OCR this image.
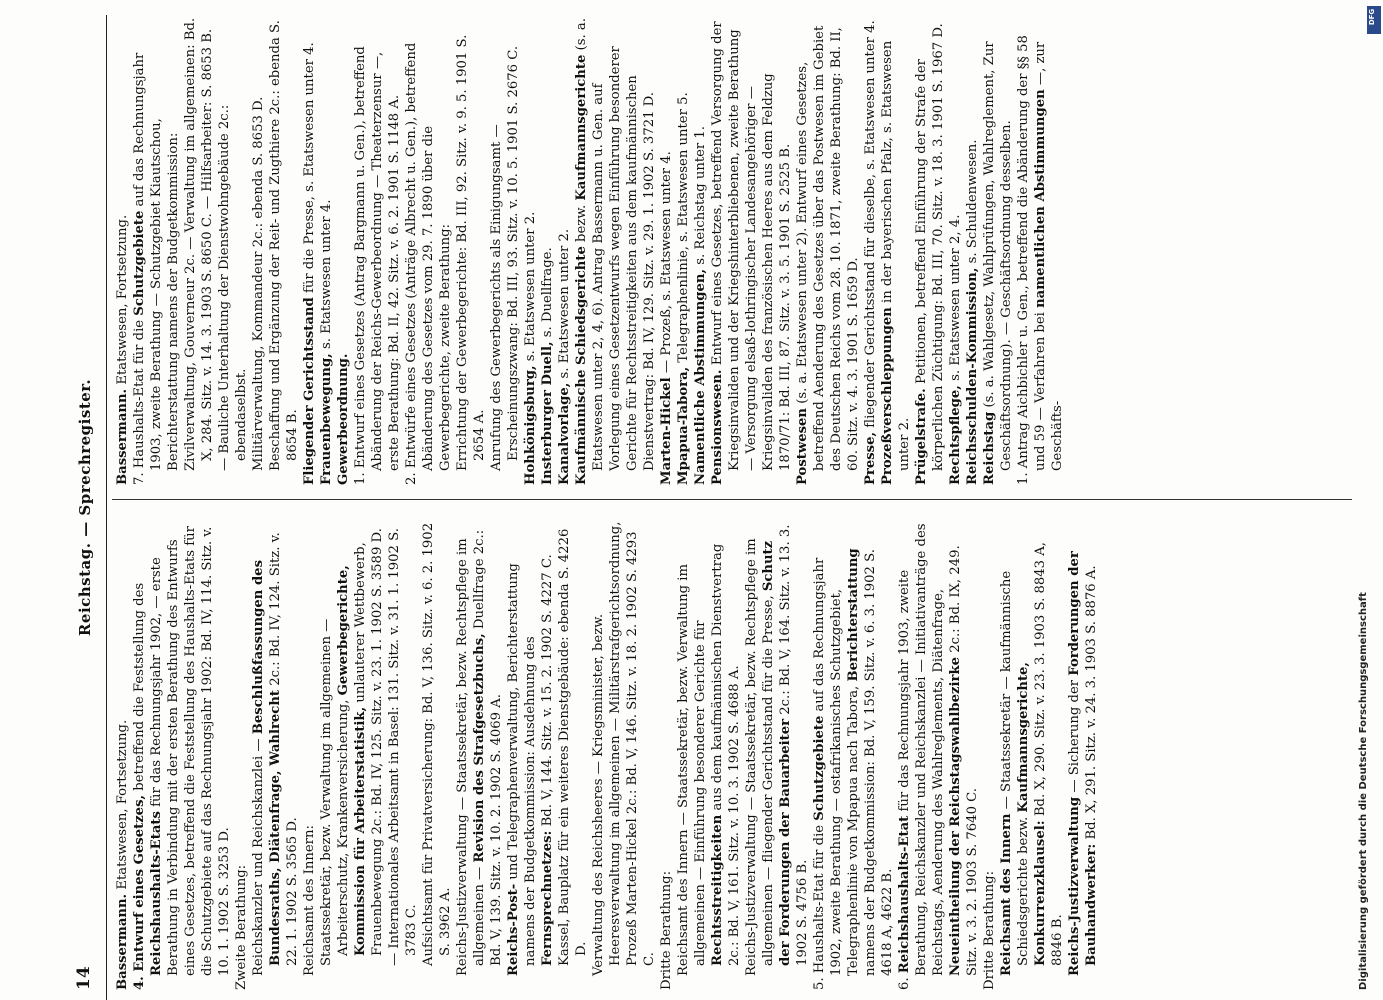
14
Reichstag. — Sprechregister.

Bassermann. Etatswesen, Fortsetzung. 4. Entwurf eines Gesetzes, betreffend die Feststellung des Reichshaushalts-Etats für das Rechnungsjahr 1902, — erste Berathung in Verbindung mit der ersten Berathung des Entwurfs eines Gesetzes, betreffend die Feststellung des Haushalts-Etats für die Schutzgebiete auf das Rechnungsjahr 1902: Bd. IV, 114. Sitz. v. 10. 1. 1902 S. 3253 D. Zweite Berathung: Reichskanzler und Reichskanzlei — Beschlußfassungen des Bundesraths, Diätenfrage, Wahlrecht 2c.: Bd. IV, 124. Sitz. v. 22. 1. 1902 S. 3565 D. Reichsamt des Innern: Staatssekretär, bezw. Verwaltung im allgemeinen — Arbeiterschutz, Krankenversicherung, Gewerbegerichte, Kommission für Arbeiterstatistik, unlauterer Wettbewerb, Frauenbewegung 2c.: Bd. IV, 125. Sitz. v. 23. 1. 1902 S. 3589 D. — Internationales Arbeitsamt in Basel: 131. Sitz. v. 31. 1. 1902 S. 3783 C. Aufsichtsamt für Privatversicherung: Bd. V, 136. Sitz. v. 6. 2. 1902 S. 3962 A. Reichs-Justizverwaltung — Staatssekretär, bezw. Rechtspflege im allgemeinen — Revision des Strafgesetzbuchs, Duellfrage 2c.: Bd. V, 139. Sitz. v. 10. 2. 1902 S. 4069 A. Reichs-Post- und Telegraphenverwaltung, Berichterstattung namens der Budgetkommission: Ausdehnung des Fernsprechnetzes: Bd. V, 144. Sitz. v. 15. 2. 1902 S. 4227 C. Kassel, Bauplatz für ein weiteres Dienstgebäude: ebenda S. 4226 D. Verwaltung des Reichsheeres — Kriegsminister, bezw. Heeresverwaltung im allgemeinen — Militärstrafgerichtsordnung, Prozeß Marten-Hickel 2c.: Bd. V, 146. Sitz. v. 18. 2. 1902 S. 4293 C. Dritte Berathung: Reichsamt des Innern — Staatssekretär, bezw. Verwaltung im allgemeinen — Einführung besonderer Gerichte für Rechtsstreitigkeiten aus dem kaufmännischen Dienstvertrag 2c.: Bd. V, 161. Sitz. v. 10. 3. 1902 S. 4688 A. Reichs-Justizverwaltung — Staatssekretär, bezw. Rechtspflege im allgemeinen — fliegender Gerichtsstand für die Presse, Schutz der Forderungen der Bauarbeiter 2c.: Bd. V, 164. Sitz. v. 13. 3. 1902 S. 4756 B. 5. Haushalts-Etat für die Schutzgebiete auf das Rechnungsjahr 1902, zweite Berathung — ostafrikanisches Schutzgebiet, Telegraphenlinie von Mpapua nach Tabora, Berichterstattung namens der Budgetkommission: Bd. V, 159. Sitz. v. 6. 3. 1902 S. 4618 A, 4622 B.

6. Reichshaushalts-Etat für das Rechnungsjahr 1903, zweite Berathung, Reichskanzler und Reichskanzlei — Initiativanträge des Reichstags, Aenderung des Wahlreglements, Diätenfrage, Neueintheilung der Reichstagswahlbezirke 2c.: Bd. IX, 249. Sitz. v. 3. 2. 1903 S. 7640 C. Dritte Berathung: Reichsamt des Innern — Staatssekretär — kaufmännische Schiedsgerichte bezw. Kaufmannsgerichte, Konkurrenzklausel: Bd. X, 290. Sitz. v. 23. 3. 1903 S. 8843 A, 8846 B. Reichs-Justizverwaltung — Sicherung der Forderungen der Bauhandwerker: Bd. X, 291. Sitz. v. 24. 3. 1903 S. 8876 A.

Bassermann. Etatswesen, Fortsetzung.

7. Haushalts-Etat für die Schutzgebiete auf das Rechnungsjahr 1903, zweite Berathung — Schutzgebiet Kiautschou, Berichterstattung namens der Budgetkommission: Zivilverwaltung, Gouverneur 2c. — Verwaltung im allgemeinen: Bd. X, 284. Sitz. v. 14. 3. 1903 S. 8650 C. — Hilfsarbeiter: S. 8653 B. — Bauliche Unterhaltung der Dienstwohngebäude 2c.: ebendaselbst. Militärverwaltung, Kommandeur 2c.: ebenda S. 8653 D. Beschaffung und Ergänzung der Reit- und Zugthiere 2c.: ebenda S. 8654 B. Fliegender Gerichtsstand für die Presse, s. Etatswesen unter 4.

Frauenbewegung, s. Etatswesen unter 4.

Gewerbeordnung. 1. Entwurf eines Gesetzes (Antrag Bargmann u. Gen.), betreffend Abänderung der Reichs-Gewerbeordnung — Theaterzensur —, erste Berathung: Bd. II, 42. Sitz. v. 6. 2. 1901 S. 1148 A. 2. Entwürfe eines Gesetzes (Anträge Albrecht u. Gen.), betreffend Abänderung des Gesetzes vom 29. 7. 1890 über die Gewerbegerichte, zweite Berathung: Errichtung der Gewerbegerichte: Bd. III, 92. Sitz. v. 9. 5. 1901 S. 2654 A. Anrufung des Gewerbegerichts als Einigungsamt — Erscheinungszwang: Bd. III, 93. Sitz. v. 10. 5. 1901 S. 2676 C. Hohkönigsburg, s. Etatswesen unter 2.

Insterburger Duell, s. Duellfrage.

Kanalvorlage, s. Etatswesen unter 2. Kaufmännische Schiedsgerichte bezw. Kaufmannsgerichte (s. a. Etatswesen unter 2, 4, 6). Antrag Bassermann u. Gen. auf Vorlegung eines Gesetzentwurfs wegen Einführung besonderer Gerichte für Rechtsstreitigkeiten aus dem kaufmännischen Dienstvertrag: Bd. IV, 129. Sitz. v. 29. 1. 1902 S. 3721 D. Marten-Hickel — Prozeß, s. Etatswesen unter 4.

Mpapua-Tabora, Telegraphenlinie, s. Etatswesen unter 5.

Namentliche Abstimmungen, s. Reichstag unter 1.

Pensionswesen. Entwurf eines Gesetzes, betreffend Versorgung der Kriegsinvaliden und der Kriegshinterbliebenen, zweite Berathung — Versorgung elsaß-lothringischer Landesangehöriger — Kriegsinvaliden des französischen Heeres aus dem Feldzug 1870/71: Bd. III, 87. Sitz. v. 3. 5. 1901 S. 2525 B. Postwesen (s. a. Etatswesen unter 2). Entwurf eines Gesetzes, betreffend Aenderung des Gesetzes über das Postwesen im Gebiet des Deutschen Reichs vom 28. 10. 1871, zweite Berathung: Bd. II, 60. Sitz. v. 4. 3. 1901 S. 1659 D. Presse, fliegender Gerichtsstand für dieselbe, s. Etatswesen unter 4. Prozeßverschleppungen in der bayerischen Pfalz, s. Etatswesen unter 2. Prügelstrafe. Petitionen, betreffend Einführung der Strafe der körperlichen Züchtigung: Bd. III, 70. Sitz. v. 18. 3. 1901 S. 1967 D. Rechtspflege, s. Etatswesen unter 2, 4. Reichsschulden-Kommission, s. Schuldenwesen.

Reichstag (s. a. Wahlgesetz, Wahlprüfungen, Wahlreglement, Zur Geschäftsordnung). — Geschäftsordnung desselben. 1. Antrag Aichbichler u. Gen., betreffend die Abänderung der §§ 58 und 59 — Verfahren bei namentlichen Abstimmungen —, zur Geschäfts-

Digitalisierung gefördert durch die Deutsche Forschungsgemeinschaft
DFG
